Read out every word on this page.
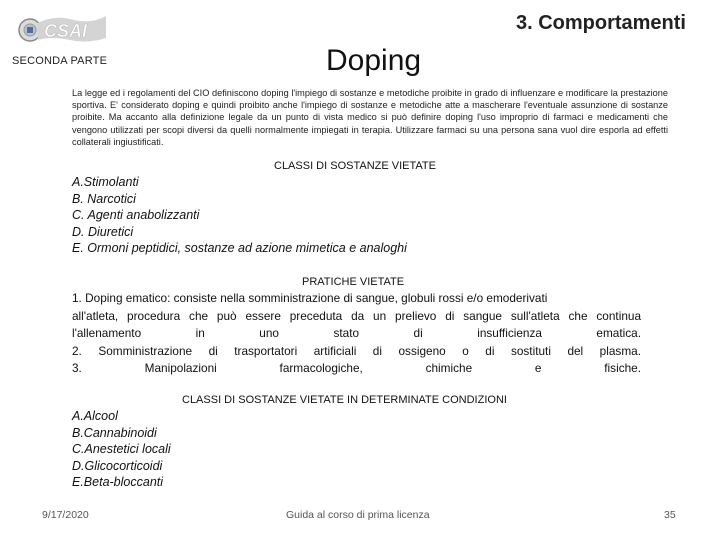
CSAI	3. Comportamenti
SECONDA PARTE	Doping
La legge ed i regolamenti del CIO definiscono doping l'impiego di sostanze e metodiche proibite in grado di influenzare e modificare la prestazione sportiva. E' considerato doping e quindi proibito anche l'impiego di sostanze e metodiche atte a mascherare l'eventuale assunzione di sostanze proibite. Ma accanto alla definizione legale da un punto di vista medico si può definire doping l'uso improprio di farmaci e medicamenti che vengono utilizzati per scopi diversi da quelli normalmente impiegati in terapia. Utilizzare farmaci su una persona sana vuol dire esporla ad effetti collaterali ingiustificati.
CLASSI DI SOSTANZE VIETATE
A.Stimolanti
B. Narcotici
C. Agenti anabolizzanti
D. Diuretici
E. Ormoni peptidici, sostanze ad azione mimetica e analoghi
PRATICHE VIETATE
1. Doping ematico: consiste nella somministrazione di sangue, globuli rossi e/o emoderivati
all'atleta, procedura che può essere preceduta da un prelievo di sangue sull'atleta che continua
l'allenamento in uno stato di insufficienza ematica.
2. Somministrazione di trasportatori artificiali di ossigeno o di sostituti del plasma.
3. Manipolazioni farmacologiche, chimiche e fisiche.
CLASSI DI SOSTANZE VIETATE IN DETERMINATE CONDIZIONI
A.Alcool
B.Cannabinoidi
C.Anestetici locali
D.Glicocorticoidi
E.Beta-bloccanti
9/17/2020	Guida al corso di prima licenza	35
